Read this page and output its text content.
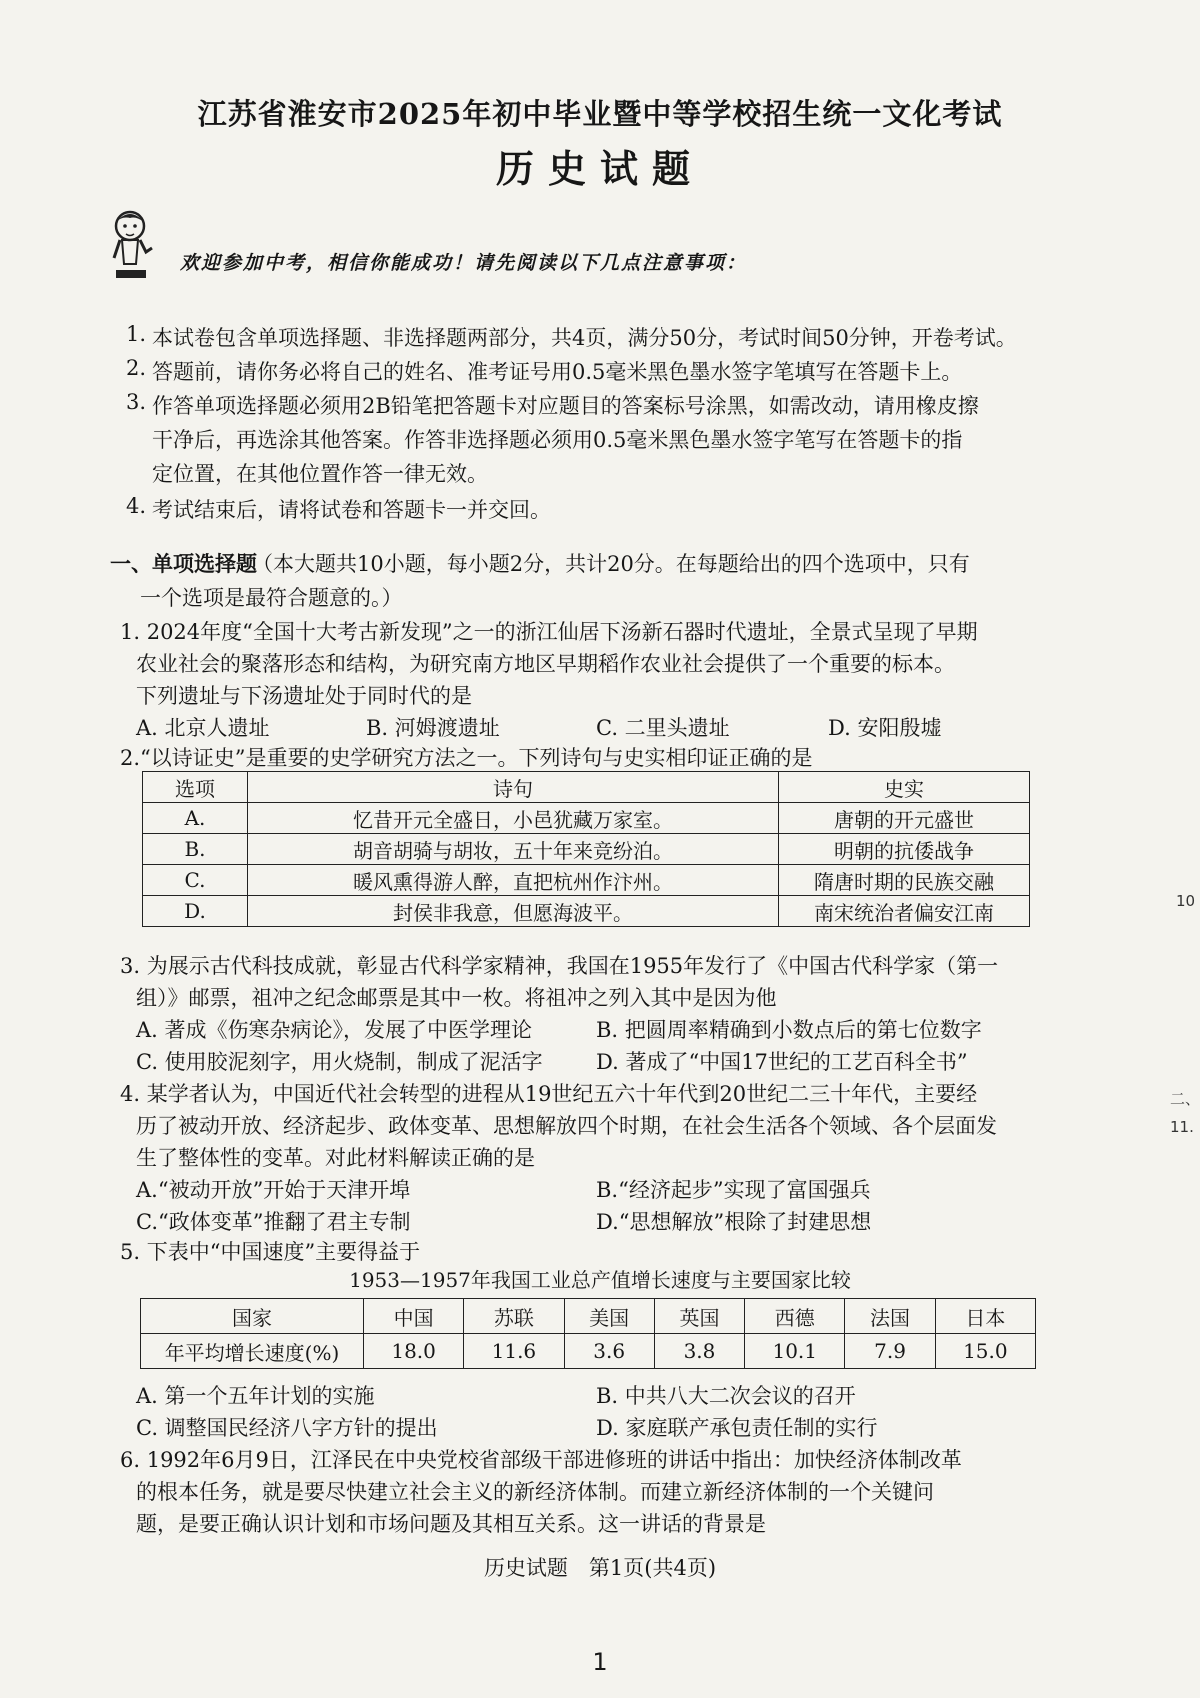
江苏省淮安市2025年初中毕业暨中等学校招生统一文化考试
历史试题
欢迎参加中考，相信你能成功！请先阅读以下几点注意事项：
1. 本试卷包含单项选择题、非选择题两部分，共4页，满分50分，考试时间50分钟，开卷考试。
2. 答题前，请你务必将自己的姓名、准考证号用0.5毫米黑色墨水签字笔填写在答题卡上。
3. 作答单项选择题必须用2B铅笔把答题卡对应题目的答案标号涂黑，如需改动，请用橡皮擦
干净后，再选涂其他答案。作答非选择题必须用0.5毫米黑色墨水签字笔写在答题卡的指
定位置，在其他位置作答一律无效。
4. 考试结束后，请将试卷和答题卡一并交回。
一、单项选择题
（本大题共10小题，每小题2分，共计20分。在每题给出的四个选项中，只有
一个选项是最符合题意的。）
1. 2024年度“全国十大考古新发现”之一的浙江仙居下汤新石器时代遗址，全景式呈现了早期
农业社会的聚落形态和结构，为研究南方地区早期稻作农业社会提供了一个重要的标本。
下列遗址与下汤遗址处于同时代的是
A. 北京人遗址	B. 河姆渡遗址	C. 二里头遗址	D. 安阳殷墟
2.“以诗证史”是重要的史学研究方法之一。下列诗句与史实相印证正确的是
选项	诗句	史实
A.	忆昔开元全盛日，小邑犹藏万家室。	唐朝的开元盛世
B.	胡音胡骑与胡妆，五十年来竞纷泊。	明朝的抗倭战争
C.	暖风熏得游人醉，直把杭州作汴州。	隋唐时期的民族交融
D.	封侯非我意，但愿海波平。	南宋统治者偏安江南
3. 为展示古代科技成就，彰显古代科学家精神，我国在1955年发行了《中国古代科学家（第一
组）》邮票，祖冲之纪念邮票是其中一枚。将祖冲之列入其中是因为他
A. 著成《伤寒杂病论》，发展了中医学理论	B. 把圆周率精确到小数点后的第七位数字
C. 使用胶泥刻字，用火烧制，制成了泥活字	D. 著成了“中国17世纪的工艺百科全书”
4. 某学者认为，中国近代社会转型的进程从19世纪五六十年代到20世纪二三十年代，主要经
历了被动开放、经济起步、政体变革、思想解放四个时期，在社会生活各个领域、各个层面发
生了整体性的变革。对此材料解读正确的是
A.“被动开放”开始于天津开埠	B.“经济起步”实现了富国强兵
C.“政体变革”推翻了君主专制	D.“思想解放”根除了封建思想
5. 下表中“中国速度”主要得益于
1953—1957年我国工业总产值增长速度与主要国家比较
国家	中国	苏联	美国	英国	西德	法国	日本
年平均增长速度(%)	18.0	11.6	3.6	3.8	10.1	7.9	15.0
A. 第一个五年计划的实施	B. 中共八大二次会议的召开
C. 调整国民经济八字方针的提出	D. 家庭联产承包责任制的实行
6. 1992年6月9日，江泽民在中央党校省部级干部进修班的讲话中指出：加快经济体制改革
的根本任务，就是要尽快建立社会主义的新经济体制。而建立新经济体制的一个关键问
题，是要正确认识计划和市场问题及其相互关系。这一讲话的背景是
历史试题　第1页(共4页)
1
10
二、
11.
